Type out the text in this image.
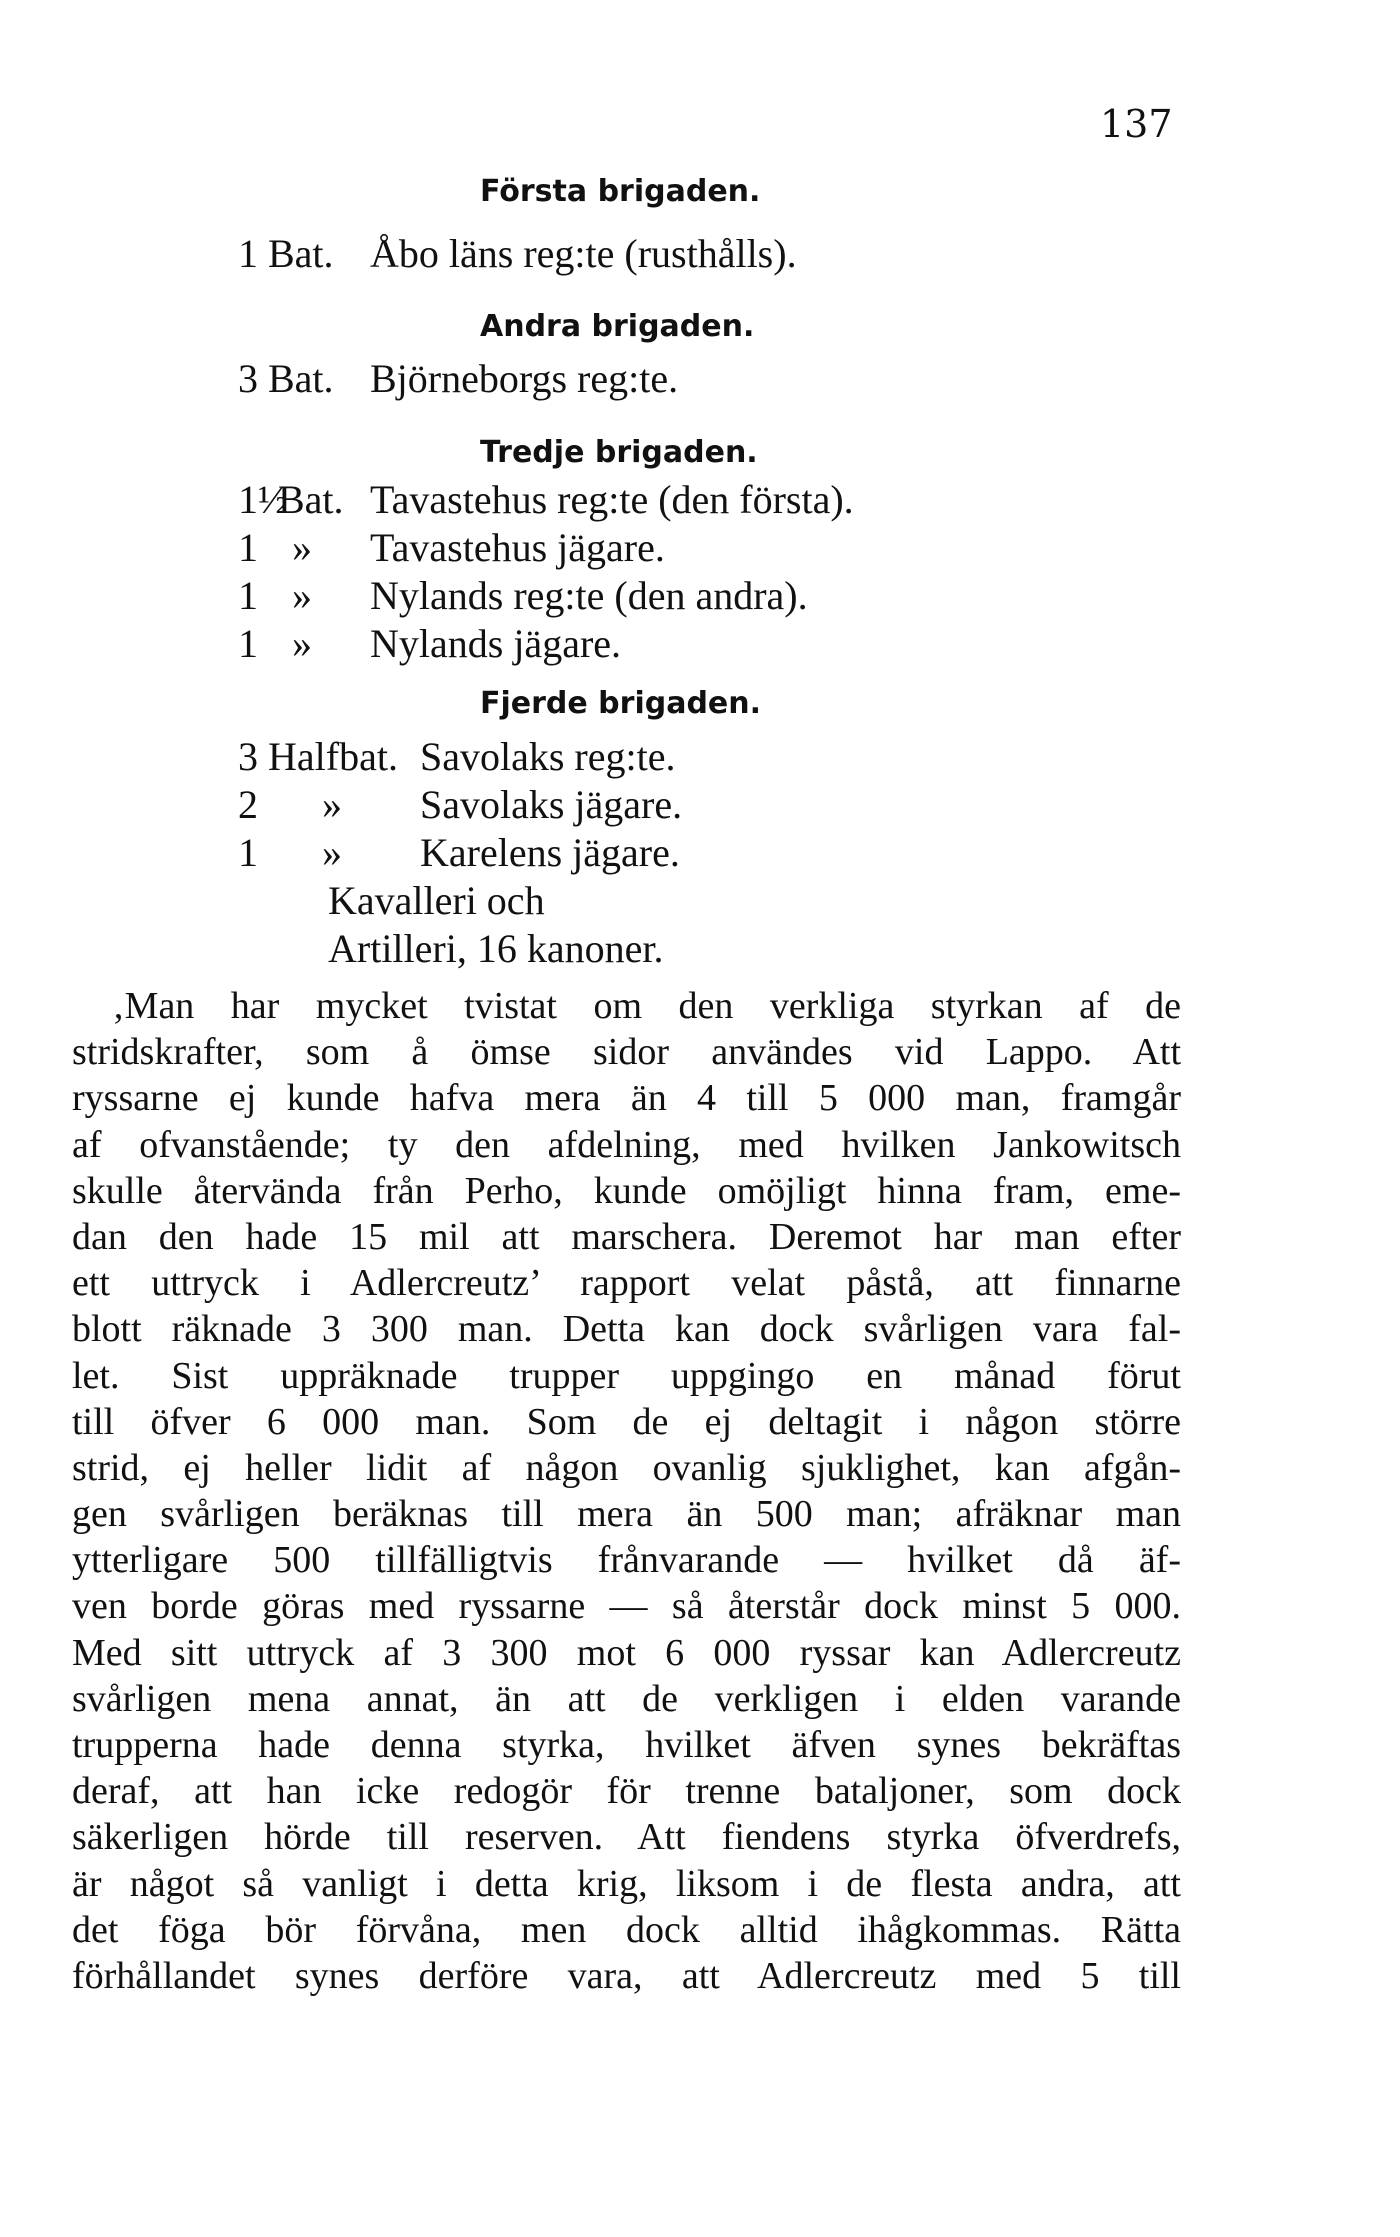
137
Första brigaden.
1 Bat. Åbo läns reg:te (rusthålls).
Andra brigaden.
3 Bat. Björneborgs reg:te.
Tredje brigaden.
1½
Bat. Tavastehus reg:te (den första).
1 » Tavastehus jägare.
1 » Nylands reg:te (den andra).
1 » Nylands jägare.
Fjerde brigaden.
3 Halfbat. Savolaks reg:te.
2 » Savolaks jägare.
1 » Karelens jägare.
Kavalleri och
Artilleri, 16 kanoner.
‚Man har mycket tvistat om den verkliga styrkan af de
stridskrafter, som å ömse sidor användes vid Lappo. Att
ryssarne ej kunde hafva mera än 4 till 5 000 man, framgår
af ofvanstående; ty den afdelning, med hvilken Jankowitsch
skulle återvända från Perho, kunde omöjligt hinna fram, eme-
dan den hade 15 mil att marschera. Deremot har man efter
ett uttryck i Adlercreutz’ rapport velat påstå, att finnarne
blott räknade 3 300 man. Detta kan dock svårligen vara fal-
let. Sist uppräknade trupper uppgingo en månad förut
till öfver 6 000 man. Som de ej deltagit i någon större
strid, ej heller lidit af någon ovanlig sjuklighet, kan afgån-
gen svårligen beräknas till mera än 500 man; afräknar man
ytterligare 500 tillfälligtvis frånvarande — hvilket då äf-
ven borde göras med ryssarne — så återstår dock minst 5 000.
Med sitt uttryck af 3 300 mot 6 000 ryssar kan Adlercreutz
svårligen mena annat, än att de verkligen i elden varande
trupperna hade denna styrka, hvilket äfven synes bekräftas
deraf, att han icke redogör för trenne bataljoner, som dock
säkerligen hörde till reserven. Att fiendens styrka öfverdrefs,
är något så vanligt i detta krig, liksom i de flesta andra, att
det föga bör förvåna, men dock alltid ihågkommas. Rätta
förhållandet synes derföre vara, att Adlercreutz med 5 till
